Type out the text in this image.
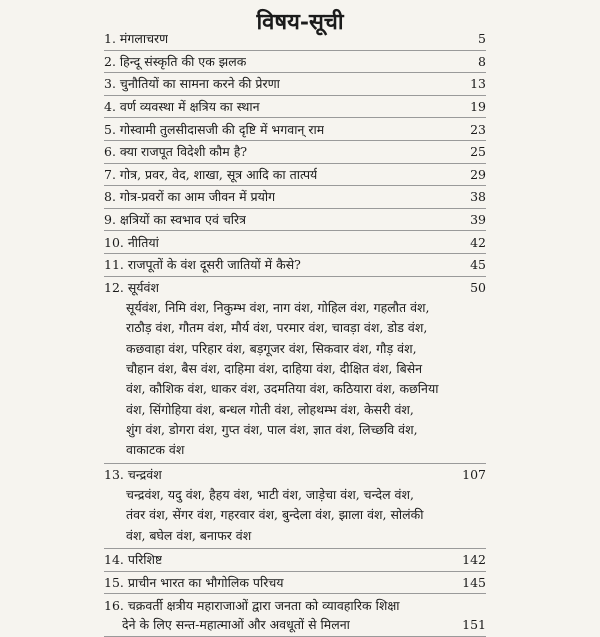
विषय-सूची
1. मंगलाचरण	5
2. हिन्दू संस्कृति की एक झलक	8
3. चुनौतियों का सामना करने की प्रेरणा	13
4. वर्ण व्यवस्था में क्षत्रिय का स्थान	19
5. गोस्वामी तुलसीदासजी की दृष्टि में भगवान् राम	23
6. क्या राजपूत विदेशी कौम है?	25
7. गोत्र, प्रवर, वेद, शाखा, सूत्र आदि का तात्पर्य	29
8. गोत्र-प्रवरों का आम जीवन में प्रयोग	38
9. क्षत्रियों का स्वभाव एवं चरित्र	39
10. नीतियां	42
11. राजपूतों के वंश दूसरी जातियों में कैसे?	45
12. सूर्यवंश	50
सूर्यवंश, निमि वंश, निकुम्भ वंश, नाग वंश, गोहिल वंश, गहलौत वंश,
राठौड़ वंश, गौतम वंश, मौर्य वंश, परमार वंश, चावड़ा वंश, डोड वंश,
कछवाहा वंश, परिहार वंश, बड़गूजर वंश, सिकवार वंश, गौड़ वंश,
चौहान वंश, बैस वंश, दाहिमा वंश, दाहिया वंश, दीक्षित वंश, बिसेन
वंश, कौशिक वंश, धाकर वंश, उदमतिया वंश, कठियारा वंश, कछनिया
वंश, सिंगोहिया वंश, बन्धल गोती वंश, लोहथम्भ वंश, केसरी वंश,
शुंग वंश, डोगरा वंश, गुप्त वंश, पाल वंश, ज्ञात वंश, लिच्छवि वंश,
वाकाटक वंश
13. चन्द्रवंश	107
चन्द्रवंश, यदु वंश, हैहय वंश, भाटी वंश, जाड़ेचा वंश, चन्देल वंश,
तंवर वंश, सेंगर वंश, गहरवार वंश, बुन्देला वंश, झाला वंश, सोलंकी
वंश, बघेल वंश, बनाफर वंश
14. परिशिष्ट	142
15. प्राचीन भारत का भौगोलिक परिचय	145
16. चक्रवर्ती क्षत्रीय महाराजाओं द्वारा जनता को व्यावहारिक शिक्षा
देने के लिए सन्त-महात्माओं और अवधूतों से मिलना	151
